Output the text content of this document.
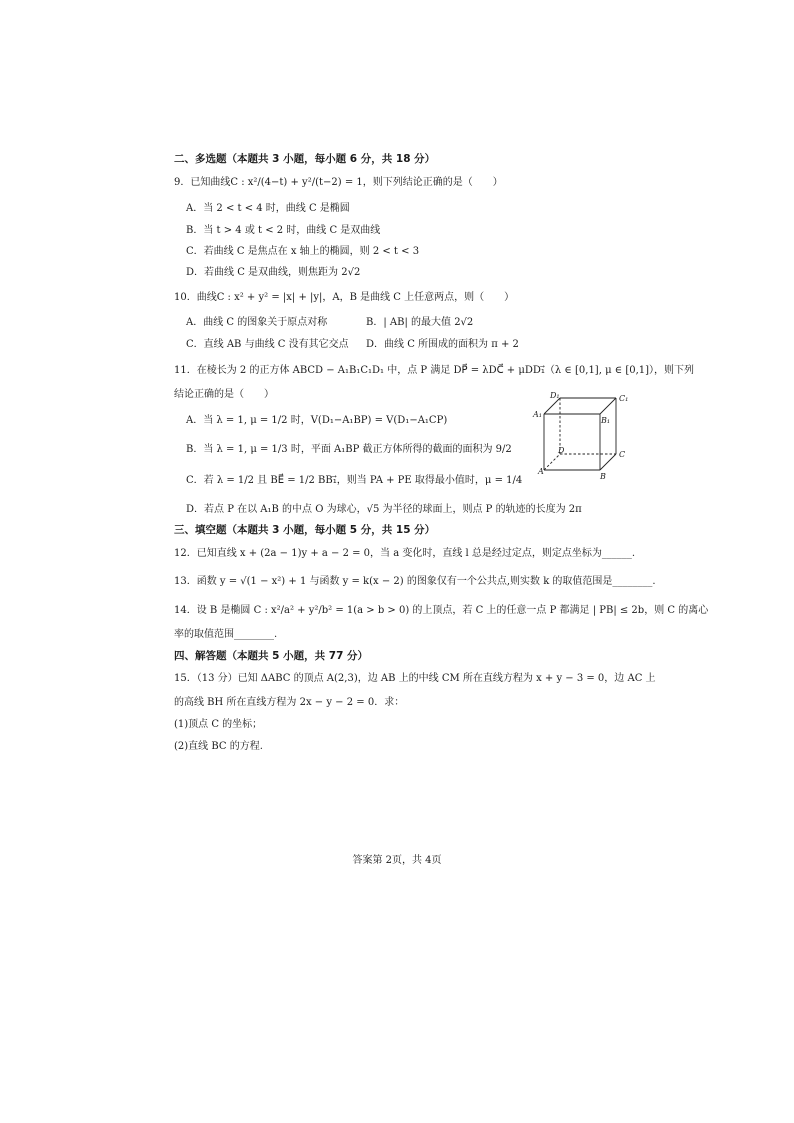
二、多选题（本题共 3 小题，每小题 6 分，共 18 分）
9．已知曲线C : x²/(4−t) + y²/(t−2) = 1，则下列结论正确的是（　　）
A．当 2 < t < 4 时，曲线 C 是椭圆
B．当 t > 4 或 t < 2 时，曲线 C 是双曲线
C．若曲线 C 是焦点在 x 轴上的椭圆，则 2 < t < 3
D．若曲线 C 是双曲线，则焦距为 2√2
10．曲线C : x² + y² = |x| + |y|，A，B 是曲线 C 上任意两点，则（　　）
A．曲线 C 的图象关于原点对称	B．| AB| 的最大值 2√2
C．直线 AB 与曲线 C 没有其它交点 D．曲线 C 所围成的面积为 π + 2
11．在棱长为 2 的正方体 ABCD − A₁B₁C₁D₁ 中，点 P 满足 DP⃗ = λDC⃗ + μDD₁⃗（λ ∈ [0,1], μ ∈ [0,1]），则下列
结论正确的是（　　）
A．当 λ = 1, μ = 1/2 时，V(D₁−A₁BP) = V(D₁−A₁CP)
B．当 λ = 1, μ = 1/3 时，平面 A₁BP 截正方体所得的截面的面积为 9/2
C．若 λ = 1/2 且 BE⃗ = 1/2 BB₁⃗，则当 PA + PE 取得最小值时，μ = 1/4
D．若点 P 在以 A₁B 的中点 O 为球心，√5 为半径的球面上，则点 P 的轨迹的长度为 2π
D₁	C₁
A₁
B₁
D	C
A
B
三、填空题（本题共 3 小题，每小题 5 分，共 15 分）
12．已知直线 x + (2a − 1)y + a − 2 = 0，当 a 变化时，直线 l 总是经过定点，则定点坐标为______.
13．函数 y = √(1 − x²) + 1 与函数 y = k(x − 2) 的图象仅有一个公共点,则实数 k 的取值范围是________.
14．设 B 是椭圆 C : x²/a² + y²/b² = 1(a > b > 0) 的上顶点，若 C 上的任意一点 P 都满足 | PB| ≤ 2b，则 C 的离心
率的取值范围________.
四、解答题（本题共 5 小题，共 77 分）
15．（13 分）已知 ΔABC 的顶点 A(2,3)，边 AB 上的中线 CM 所在直线方程为 x + y − 3 = 0，边 AC 上
的高线 BH 所在直线方程为 2x − y − 2 = 0．求：
(1)顶点 C 的坐标；
(2)直线 BC 的方程.
答案第 2页，共 4页
